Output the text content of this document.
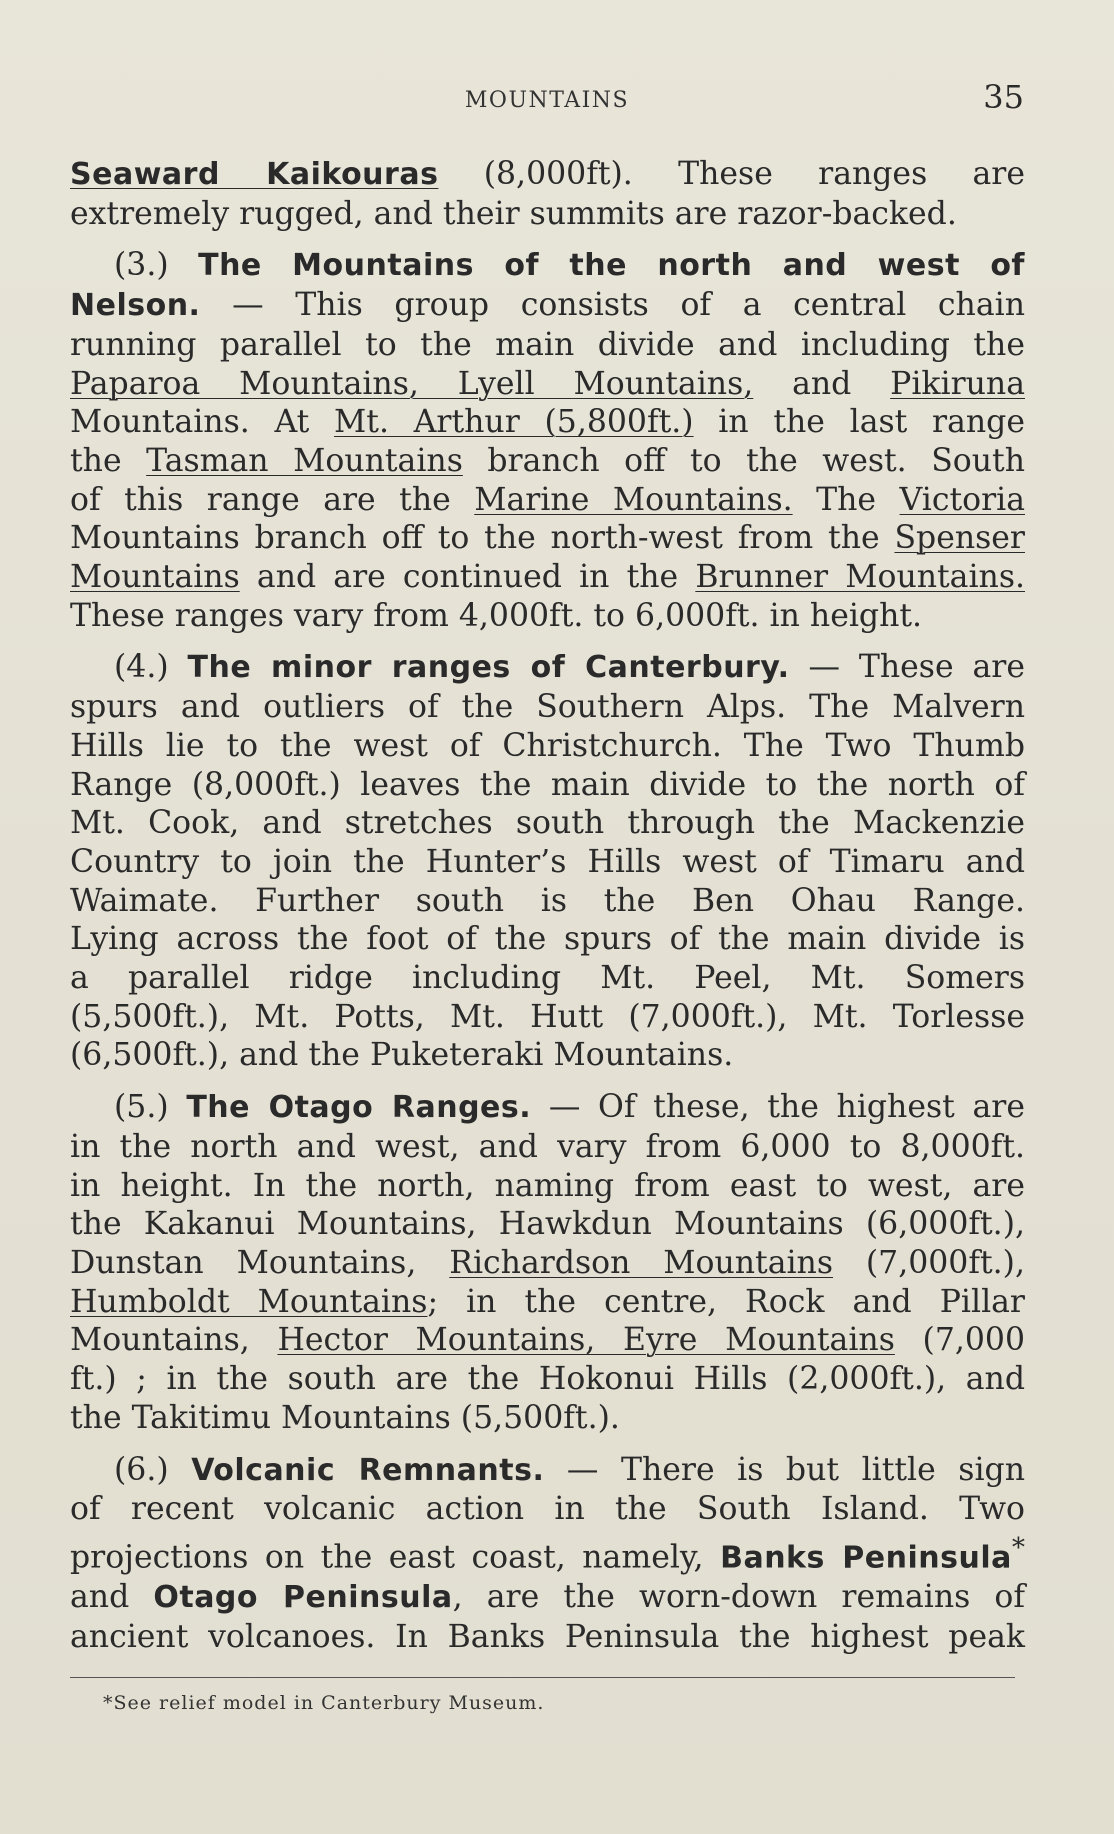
MOUNTAINS	35
Seaward Kaikouras (8,000ft). These ranges are
extremely rugged, and their summits are razor-backed.
(3.) The Mountains of the north and west of
Nelson. — This group consists of a central chain
running parallel to the main divide and including the
Paparoa Mountains, Lyell Mountains, and Pikiruna
Mountains. At Mt. Arthur (5,800ft.) in the last range
the Tasman Mountains branch off to the west. South
of this range are the Marine Mountains. The Victoria
Mountains branch off to the north-west from the Spenser
Mountains and are continued in the Brunner Mountains.
These ranges vary from 4,000ft. to 6,000ft. in height.
(4.) The minor ranges of Canterbury. — These are
spurs and outliers of the Southern Alps. The Malvern
Hills lie to the west of Christchurch. The Two Thumb
Range (8,000ft.) leaves the main divide to the north of
Mt. Cook, and stretches south through the Mackenzie
Country to join the Hunter’s Hills west of Timaru and
Waimate. Further south is the Ben Ohau Range.
Lying across the foot of the spurs of the main divide is
a parallel ridge including Mt. Peel, Mt. Somers
(5,500ft.), Mt. Potts, Mt. Hutt (7,000ft.), Mt. Torlesse
(6,500ft.), and the Puketeraki Mountains.
(5.) The Otago Ranges. — Of these, the highest are
in the north and west, and vary from 6,000 to 8,000ft.
in height. In the north, naming from east to west, are
the Kakanui Mountains, Hawkdun Mountains (6,000ft.),
Dunstan Mountains, Richardson Mountains (7,000ft.),
Humboldt Mountains; in the centre, Rock and Pillar
Mountains, Hector Mountains, Eyre Mountains (7,000
ft.) ; in the south are the Hokonui Hills (2,000ft.), and
the Takitimu Mountains (5,500ft.).
(6.) Volcanic Remnants. — There is but little sign
of recent volcanic action in the South Island. Two
projections on the east coast, namely, Banks Peninsula*
and Otago Peninsula, are the worn-down remains of
ancient volcanoes. In Banks Peninsula the highest peak
*See relief model in Canterbury Museum.
